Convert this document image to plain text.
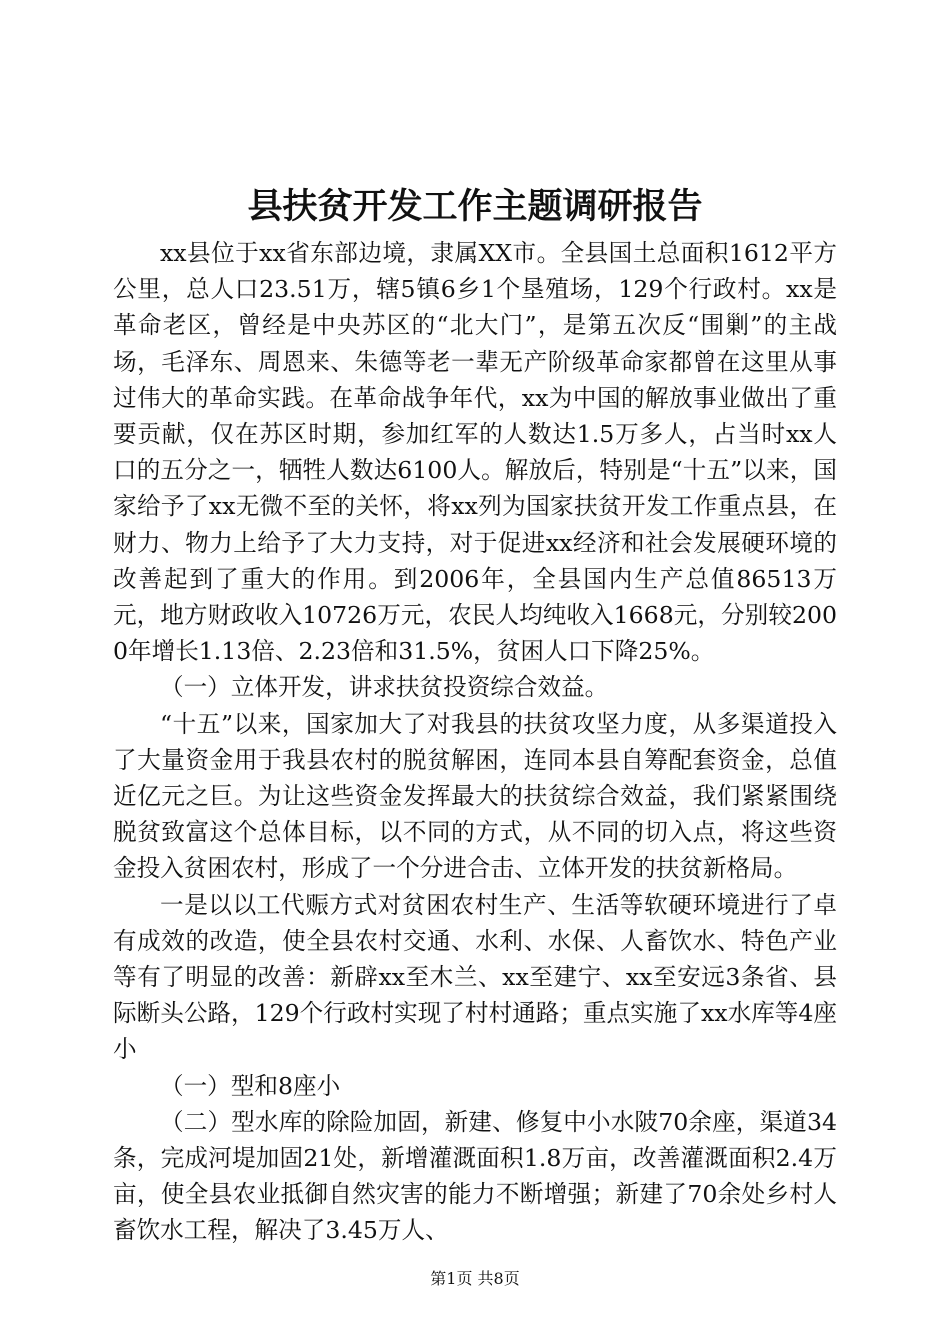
县扶贫开发工作主题调研报告

xx县位于xx省东部边境，隶属XX市。全县国土总面积1612平方公里，总人口23.51万，辖5镇6乡1个垦殖场，129个行政村。xx是革命老区，曾经是中央苏区的“北大门”，是第五次反“围剿”的主战场，毛泽东、周恩来、朱德等老一辈无产阶级革命家都曾在这里从事过伟大的革命实践。在革命战争年代，xx为中国的解放事业做出了重要贡献，仅在苏区时期，参加红军的人数达1.5万多人，占当时xx人口的五分之一，牺牲人数达6100人。解放后，特别是“十五”以来，国家给予了xx无微不至的关怀，将xx列为国家扶贫开发工作重点县，在财力、物力上给予了大力支持，对于促进xx经济和社会发展硬环境的改善起到了重大的作用。到2006年，全县国内生产总值86513万元，地方财政收入10726万元，农民人均纯收入1668元，分别较2000年增长1.13倍、2.23倍和31.5%，贫困人口下降25%。

（一）立体开发，讲求扶贫投资综合效益。

“十五”以来，国家加大了对我县的扶贫攻坚力度，从多渠道投入了大量资金用于我县农村的脱贫解困，连同本县自筹配套资金，总值近亿元之巨。为让这些资金发挥最大的扶贫综合效益，我们紧紧围绕脱贫致富这个总体目标，以不同的方式，从不同的切入点，将这些资金投入贫困农村，形成了一个分进合击、立体开发的扶贫新格局。

一是以以工代赈方式对贫困农村生产、生活等软硬环境进行了卓有成效的改造，使全县农村交通、水利、水保、人畜饮水、特色产业等有了明显的改善：新辟xx至木兰、xx至建宁、xx至安远3条省、县际断头公路，129个行政村实现了村村通路；重点实施了xx水库等4座小

（一）型和8座小

（二）型水库的除险加固，新建、修复中小水陂70余座，渠道34条，完成河堤加固21处，新增灌溉面积1.8万亩，改善灌溉面积2.4万亩，使全县农业抵御自然灾害的能力不断增强；新建了70余处乡村人畜饮水工程，解决了3.45万人、

第1页 共8页
